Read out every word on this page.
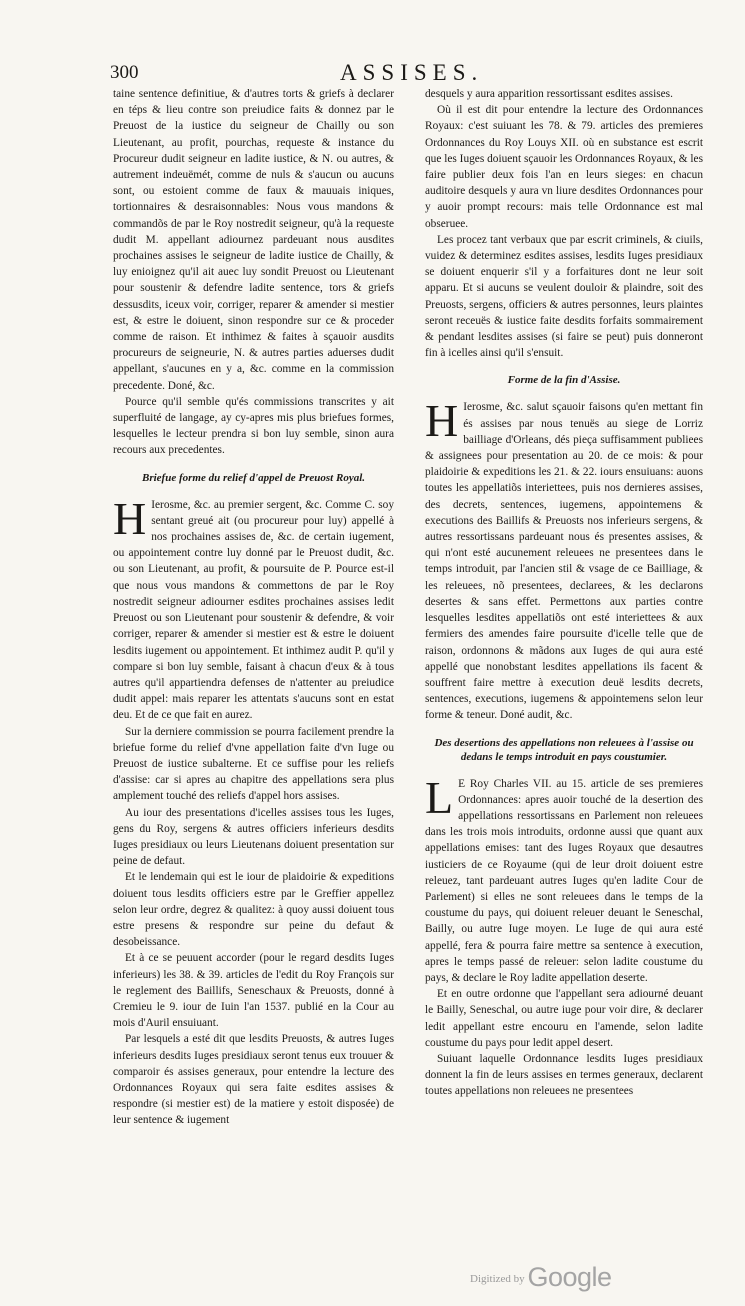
300	ASSISES.

taine sentence definitiue, & d'autres torts & griefs à declarer en téps & lieu contre son preiudice faits & donnez par le Preuost de la iustice du seigneur de Chailly ou son Lieutenant, au profit, pourchas, requeste & instance du Procureur dudit seigneur en ladite iustice, & N. ou autres, & autrement indeuëmét, comme de nuls & s'aucun ou aucuns sont, ou estoient comme de faux & mauuais iniques, tortionnaires & desraisonnables: Nous vous mandons & commandõs de par le Roy nostredit seigneur, qu'à la requeste dudit M. appellant adiournez pardeuant nous ausdites prochaines assises le seigneur de ladite iustice de Chailly, & luy enioignez qu'il ait auec luy sondit Preuost ou Lieutenant pour soustenir & defendre ladite sentence, tors & griefs dessusdits, iceux voir, corriger, reparer & amender si mestier est, & estre le doiuent, sinon respondre sur ce & proceder comme de raison. Et inthimez & faites à sçauoir ausdits procureurs de seigneurie, N. & autres parties aduerses dudit appellant, s'aucunes en y a, &c. comme en la commission precedente. Doné, &c.

Pource qu'il semble qu'és commissions transcrites y ait superfluité de langage, ay cy-apres mis plus briefues formes, lesquelles le lecteur prendra si bon luy semble, sinon aura recours aux precedentes.

Briefue forme du relief d'appel de Preuost Royal.

H Ierosme, &c. au premier sergent, &c. Comme C. soy sentant greué ait (ou procureur pour luy) appellé à nos prochaines assises de, &c. de certain iugement, ou appointement contre luy donné par le Preuost dudit, &c. ou son Lieutenant, au profit, & poursuite de P. Pource est-il que nous vous mandons & commettons de par le Roy nostredit seigneur adiourner esdites prochaines assises ledit Preuost ou son Lieutenant pour soustenir & defendre, & voir corriger, reparer & amender si mestier est & estre le doiuent lesdits iugement ou appointement. Et inthimez audit P. qu'il y compare si bon luy semble, faisant à chacun d'eux & à tous autres qu'il appartiendra defenses de n'attenter au preiudice dudit appel: mais reparer les attentats s'aucuns sont en estat deu. Et de ce que fait en aurez.

Sur la derniere commission se pourra facilement prendre la briefue forme du relief d'vne appellation faite d'vn Iuge ou Preuost de iustice subalterne. Et ce suffise pour les reliefs d'assise: car si apres au chapitre des appellations sera plus amplement touché des reliefs d'appel hors assises.

Au iour des presentations d'icelles assises tous les Iuges, gens du Roy, sergens & autres officiers inferieurs desdits Iuges presidiaux ou leurs Lieutenans doiuent presentation sur peine de defaut.

Et le lendemain qui est le iour de plaidoirie & expeditions doiuent tous lesdits officiers estre par le Greffier appellez selon leur ordre, degrez & qualitez: à quoy aussi doiuent tous estre presens & respondre sur peine du defaut & desobeissance.

Et à ce se peuuent accorder (pour le regard desdits Iuges inferieurs) les 38. & 39. articles de l'edit du Roy François sur le reglement des Baillifs, Seneschaux & Preuosts, donné à Cremieu le 9. iour de Iuin l'an 1537. publié en la Cour au mois d'Auril ensuiuant.

Par lesquels a esté dit que lesdits Preuosts, & autres Iuges inferieurs desdits Iuges presidiaux seront tenus eux trouuer & comparoir és assises generaux, pour entendre la lecture des Ordonnances Royaux qui sera faite esdites assises & respondre (si mestier est) de la matiere y estoit disposée) de leur sentence & iugement

desquels y aura apparition ressortissant esdites assises.

Où il est dit pour entendre la lecture des Ordonnances Royaux: c'est suiuant les 78. & 79. articles des premieres Ordonnances du Roy Louys XII. où en substance est escrit que les Iuges doiuent sçauoir les Ordonnances Royaux, & les faire publier deux fois l'an en leurs sieges: en chacun auditoire desquels y aura vn liure desdites Ordonnances pour y auoir prompt recours: mais telle Ordonnance est mal obseruee.

Les procez tant verbaux que par escrit criminels, & ciuils, vuidez & determinez esdites assises, lesdits Iuges presidiaux se doiuent enquerir s'il y a forfaitures dont ne leur soit apparu. Et si aucuns se veulent douloir & plaindre, soit des Preuosts, sergens, officiers & autres personnes, leurs plaintes seront receuës & iustice faite desdits forfaits sommairement & pendant lesdites assises (si faire se peut) puis donneront fin à icelles ainsi qu'il s'ensuit.

Forme de la fin d'Assise.

H Ierosme, &c. salut sçauoir faisons qu'en mettant fin és assises par nous tenuës au siege de Lorriz bailliage d'Orleans, dés pieça suffisamment publiees & assignees pour presentation au 20. de ce mois: & pour plaidoirie & expeditions les 21. & 22. iours ensuiuans: auons toutes les appellatiõs interiettees, puis nos dernieres assises, des decrets, sentences, iugemens, appointemens & executions des Baillifs & Preuosts nos inferieurs sergens, & autres ressortissans pardeuant nous és presentes assises, & qui n'ont esté aucunement releuees ne presentees dans le temps introduit, par l'ancien stil & vsage de ce Bailliage, & les releuees, nõ presentees, declarees, & les declarons desertes & sans effet. Permettons aux parties contre lesquelles lesdites appellatiõs ont esté interiettees & aux fermiers des amendes faire poursuite d'icelle telle que de raison, ordonnons & mãdons aux Iuges de qui aura esté appellé que nonobstant lesdites appellations ils facent & souffrent faire mettre à execution deuë lesdits decrets, sentences, executions, iugemens & appointemens selon leur forme & teneur. Doné audit, &c.

Des desertions des appellations non releuees à l'assise ou dedans le temps introduit en pays coustumier.

L E Roy Charles VII. au 15. article de ses premieres Ordonnances: apres auoir touché de la desertion des appellations ressortissans en Parlement non releuees dans les trois mois introduits, ordonne aussi que quant aux appellations emises: tant des Iuges Royaux que desautres iusticiers de ce Royaume (qui de leur droit doiuent estre releuez, tant pardeuant autres Iuges qu'en ladite Cour de Parlement) si elles ne sont releuees dans le temps de la coustume du pays, qui doiuent releuer deuant le Seneschal, Bailly, ou autre Iuge moyen. Le Iuge de qui aura esté appellé, fera & pourra faire mettre sa sentence à execution, apres le temps passé de releuer: selon ladite coustume du pays, & declare le Roy ladite appellation deserte.

Et en outre ordonne que l'appellant sera adiourné deuant le Bailly, Seneschal, ou autre iuge pour voir dire, & declarer ledit appellant estre encouru en l'amende, selon ladite coustume du pays pour ledit appel desert.

Suiuant laquelle Ordonnance lesdits Iuges presidiaux donnent la fin de leurs assises en termes generaux, declarent toutes appellations non releuees ne presentees

Digitized by Google
